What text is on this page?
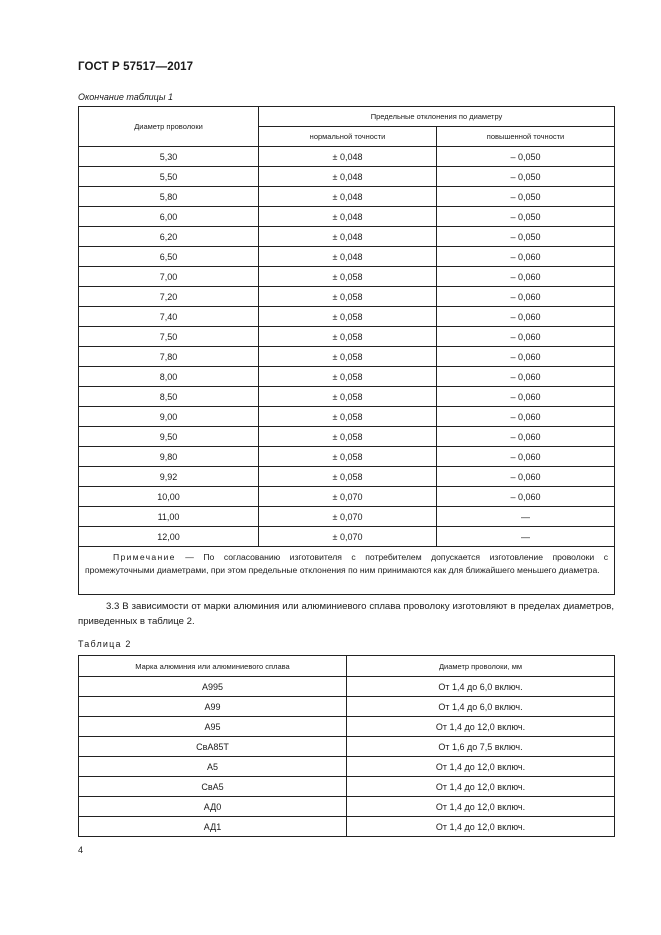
ГОСТ Р 57517—2017
Окончание таблицы 1
Диаметр проволоки	Предельные отклонения по диаметру	
	нормальной точности	повышенной точности
5,30	± 0,048	– 0,050
5,50	± 0,048	– 0,050
5,80	± 0,048	– 0,050
6,00	± 0,048	– 0,050
6,20	± 0,048	– 0,050
6,50	± 0,048	– 0,060
7,00	± 0,058	– 0,060
7,20	± 0,058	– 0,060
7,40	± 0,058	– 0,060
7,50	± 0,058	– 0,060
7,80	± 0,058	– 0,060
8,00	± 0,058	– 0,060
8,50	± 0,058	– 0,060
9,00	± 0,058	– 0,060
9,50	± 0,058	– 0,060
9,80	± 0,058	– 0,060
9,92	± 0,058	– 0,060
10,00	± 0,070	– 0,060
11,00	± 0,070	—
12,00	± 0,070	—
Примечание — По согласованию изготовителя с потребителем допускается изготовление проволоки с промежуточными диаметрами, при этом предельные отклонения по ним принимаются как для ближайшего меньшего диаметра.		
3.3 В зависимости от марки алюминия или алюминиевого сплава проволоку изготовляют в пределах диаметров, приведенных в таблице 2.
Таблица 2
Марка алюминия или алюминиевого сплава	Диаметр проволоки, мм
А995	От 1,4 до 6,0 включ.
А99	От 1,4 до 6,0 включ.
А95	От 1,4 до 12,0 включ.
СвА85Т	От 1,6 до 7,5 включ.
А5	От 1,4 до 12,0 включ.
СвА5	От 1,4 до 12,0 включ.
АД0	От 1,4 до 12,0 включ.
АД1	От 1,4 до 12,0 включ.
4
